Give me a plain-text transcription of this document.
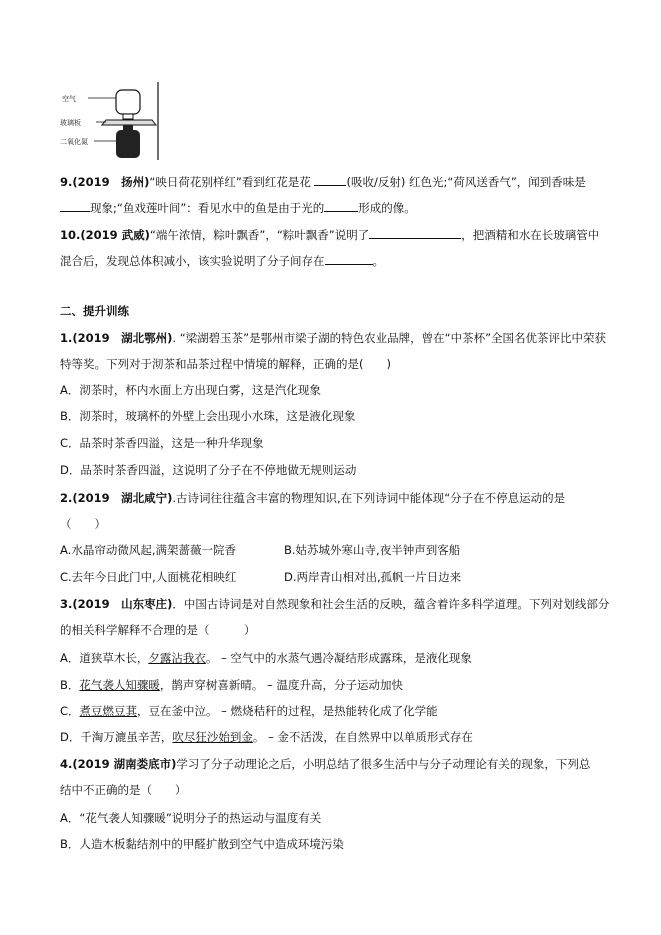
空气
玻璃板
二氧化氮
9.(2019　扬州)“映日荷花别样红”看到红花是花	(吸收/反射) 红色光;“荷风送香气”，闻到香味是
现象;“鱼戏莲叶间”：看见水中的鱼是由于光的	形成的像。
10.(2019 武威)“端午浓情，粽叶飘香”，“粽叶飘香”说明了	，把酒精和水在长玻璃管中
混合后，发现总体积减小，该实验说明了分子间存在	。
二、提升训练
1.(2019　湖北鄂州). “梁湖碧玉茶”是鄂州市梁子湖的特色农业品牌，曾在“中茶杯”全国名优茶评比中荣获
特等奖。下列对于沏茶和品茶过程中情境的解释，正确的是(　　)
A．沏茶时，杯内水面上方出现白雾，这是汽化现象
B．沏茶时，玻璃杯的外壁上会出现小水珠，这是液化现象
C．品茶时茶香四溢，这是一种升华现象
D．品茶时茶香四溢，这说明了分子在不停地做无规则运动
2.(2019　湖北咸宁).古诗词往往蕴含丰富的物理知识,在下列诗词中能体现“分子在不停息运动的是
（　　）
A.水晶帘动微风起,满架蔷薇一院香	B.姑苏城外寒山寺,夜半钟声到客船
C.去年今日此门中,人面桃花相映红	D.两岸青山相对出,孤帆一片日边来
3.(2019　山东枣庄)．中国古诗词是对自然现象和社会生活的反映，蕴含着许多科学道理。下列对划线部分
的相关科学解释不合理的是（　　　）
A．道狭草木长，夕露沾我衣。 – 空气中的水蒸气遇冷凝结形成露珠，是液化现象
B．花气袭人知骤暖，鹊声穿树喜新晴。 – 温度升高，分子运动加快
C．煮豆燃豆萁，豆在釜中泣。 – 燃烧秸秆的过程，是热能转化成了化学能
D．千淘万漉虽辛苦，吹尽狂沙始到金。 – 金不活泼，在自然界中以单质形式存在
4.(2019 湖南娄底市)学习了分子动理论之后，小明总结了很多生活中与分子动理论有关的现象，下列总
结中不正确的是（　　）
A．“花气袭人知骤暖”说明分子的热运动与温度有关
B．人造木板黏结剂中的甲醛扩散到空气中造成环境污染
